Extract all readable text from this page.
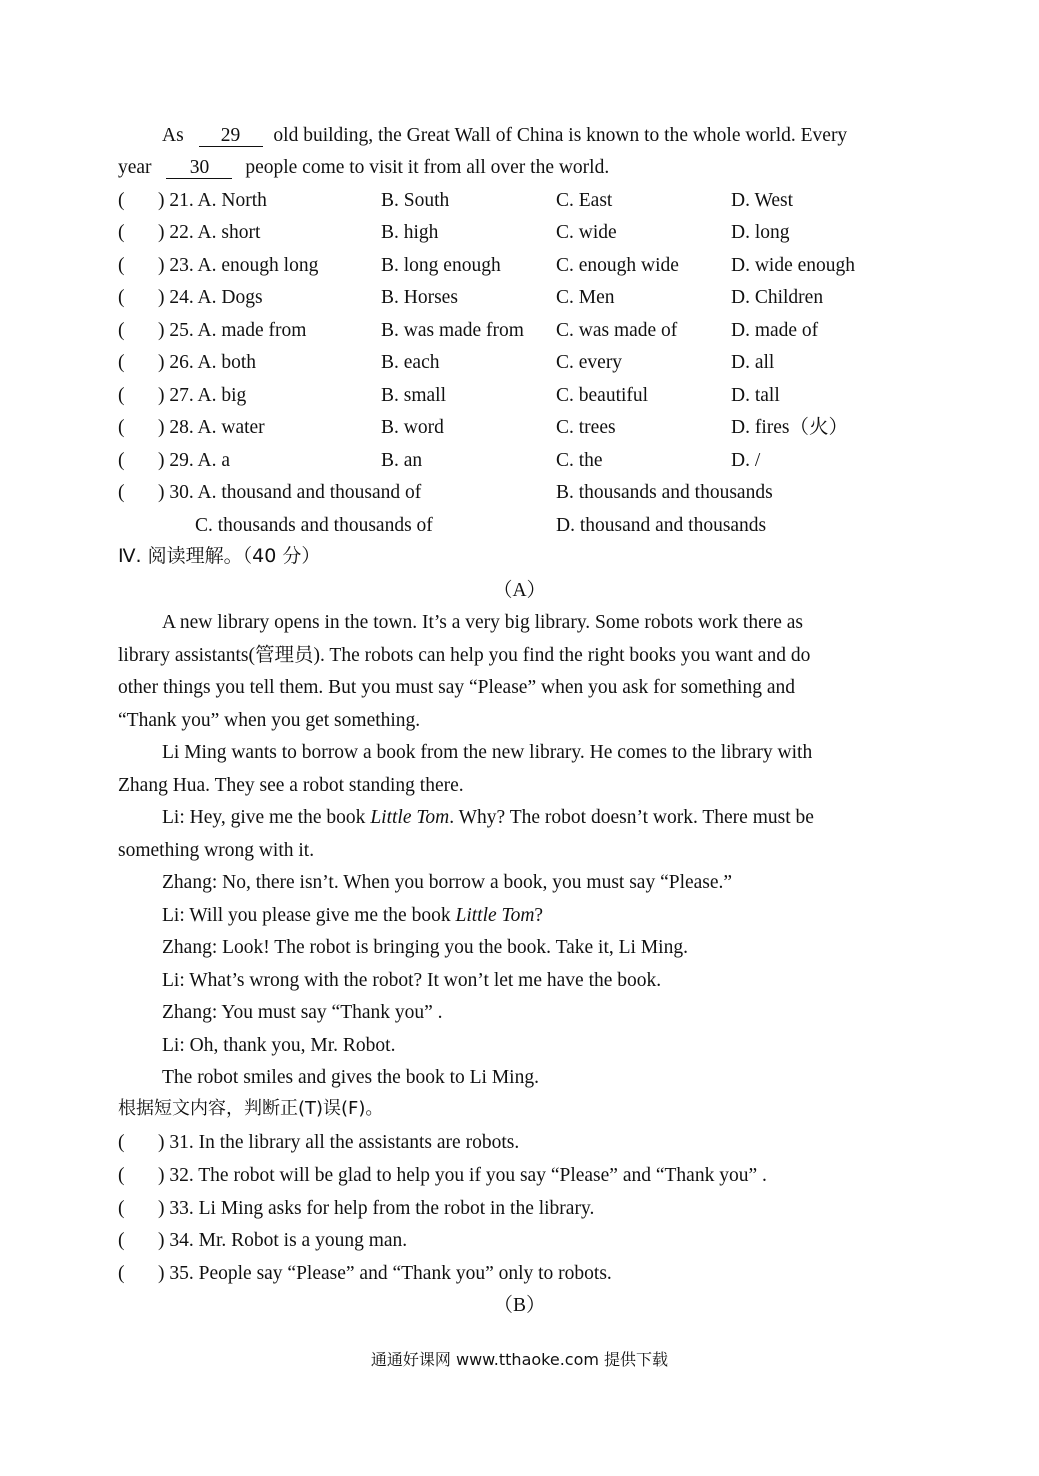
As 29 old building, the Great Wall of China is known to the whole world. Every
year 30 people come to visit it from all over the world.
( ) 21. A. North	B. South	C. East	D. West
( ) 22. A. short	B. high	C. wide	D. long
( ) 23. A. enough long	B. long enough	C. enough wide	D. wide enough
( ) 24. A. Dogs	B. Horses	C. Men	D. Children
( ) 25. A. made from	B. was made from C. was made of	D. made of
( ) 26. A. both	B. each	C. every	D. all
( ) 27. A. big	B. small	C. beautiful	D. tall
( ) 28. A. water	B. word	C. trees	D. fires（火）
( ) 29. A. a	B. an	C. the	D. /
( ) 30. A. thousand and thousand of	B. thousands and thousands
C. thousands and thousands of	D. thousand and thousands
Ⅳ. 阅读理解。（40 分）
（A）
A new library opens in the town. It’s a very big library. Some robots work there as
library assistants(管理员). The robots can help you find the right books you want and do
other things you tell them. But you must say “Please” when you ask for something and
“Thank you” when you get something.
Li Ming wants to borrow a book from the new library. He comes to the library with
Zhang Hua. They see a robot standing there.
Li: Hey, give me the book Little Tom. Why? The robot doesn’t work. There must be
something wrong with it.
Zhang: No, there isn’t. When you borrow a book, you must say “Please.”
Li: Will you please give me the book Little Tom?
Zhang: Look! The robot is bringing you the book. Take it, Li Ming.
Li: What’s wrong with the robot? It won’t let me have the book.
Zhang: You must say “Thank you” .
Li: Oh, thank you, Mr. Robot.
The robot smiles and gives the book to Li Ming.
根据短文内容，判断正(T)误(F)。
( ) 31. In the library all the assistants are robots.
( ) 32. The robot will be glad to help you if you say “Please” and “Thank you” .
( ) 33. Li Ming asks for help from the robot in the library.
( ) 34. Mr. Robot is a young man.
( ) 35. People say “Please” and “Thank you” only to robots.
（B）
通通好课网 www.tthaoke.com 提供下载
